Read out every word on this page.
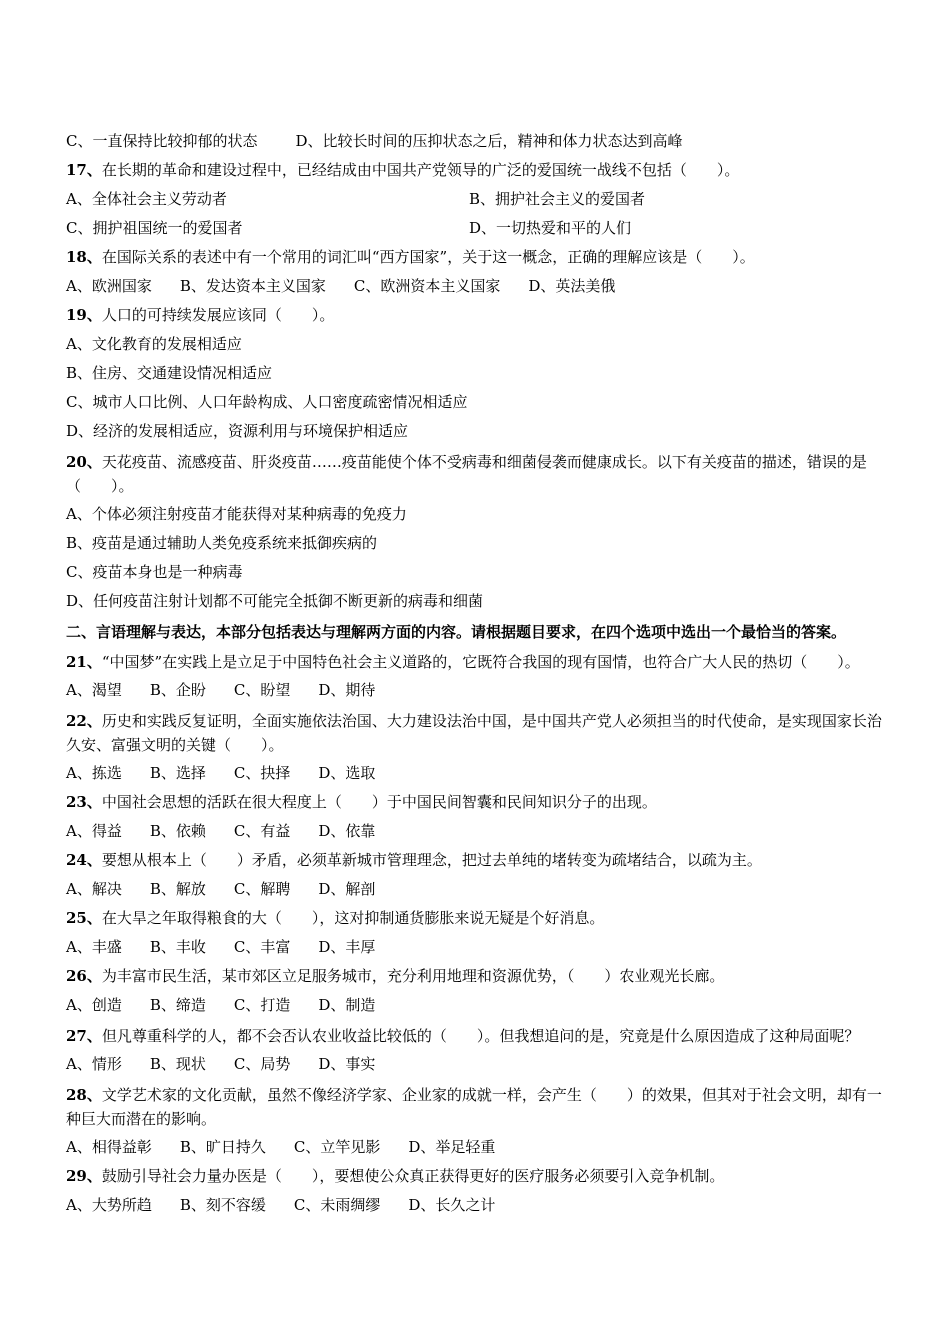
C、一直保持比较抑郁的状态	D、比较长时间的压抑状态之后，精神和体力状态达到高峰
17、在长期的革命和建设过程中，已经结成由中国共产党领导的广泛的爱国统一战线不包括（　　）。
A、全体社会主义劳动者	B、拥护社会主义的爱国者
C、拥护祖国统一的爱国者	D、一切热爱和平的人们
18、在国际关系的表述中有一个常用的词汇叫“西方国家”，关于这一概念，正确的理解应该是（　　）。
A、欧洲国家 B、发达资本主义国家 C、欧洲资本主义国家 D、英法美俄
19、人口的可持续发展应该同（　　）。
A、文化教育的发展相适应
B、住房、交通建设情况相适应
C、城市人口比例、人口年龄构成、人口密度疏密情况相适应
D、经济的发展相适应，资源利用与环境保护相适应
20、天花疫苗、流感疫苗、肝炎疫苗……疫苗能使个体不受病毒和细菌侵袭而健康成长。以下有关疫苗的描述，错误的是（　　）。
A、个体必须注射疫苗才能获得对某种病毒的免疫力
B、疫苗是通过辅助人类免疫系统来抵御疾病的
C、疫苗本身也是一种病毒
D、任何疫苗注射计划都不可能完全抵御不断更新的病毒和细菌
二、言语理解与表达，本部分包括表达与理解两方面的内容。请根据题目要求，在四个选项中选出一个最恰当的答案。
21、“中国梦”在实践上是立足于中国特色社会主义道路的，它既符合我国的现有国情，也符合广大人民的热切（　　）。
A、渴望 B、企盼 C、盼望 D、期待
22、历史和实践反复证明，全面实施依法治国、大力建设法治中国，是中国共产党人必须担当的时代使命，是实现国家长治久安、富强文明的关键（　　）。
A、拣选 B、选择 C、抉择 D、选取
23、中国社会思想的活跃在很大程度上（　　）于中国民间智囊和民间知识分子的出现。
A、得益 B、依赖 C、有益 D、依靠
24、要想从根本上（　　）矛盾，必须革新城市管理理念，把过去单纯的堵转变为疏堵结合，以疏为主。
A、解决 B、解放 C、解聘 D、解剖
25、在大旱之年取得粮食的大（　　），这对抑制通货膨胀来说无疑是个好消息。
A、丰盛 B、丰收 C、丰富 D、丰厚
26、为丰富市民生活，某市郊区立足服务城市，充分利用地理和资源优势，（　　）农业观光长廊。
A、创造 B、缔造 C、打造 D、制造
27、但凡尊重科学的人，都不会否认农业收益比较低的（　　）。但我想追问的是，究竟是什么原因造成了这种局面呢？
A、情形 B、现状 C、局势 D、事实
28、文学艺术家的文化贡献，虽然不像经济学家、企业家的成就一样，会产生（　　）的效果，但其对于社会文明，却有一种巨大而潜在的影响。
A、相得益彰 B、旷日持久 C、立竿见影 D、举足轻重
29、鼓励引导社会力量办医是（　　），要想使公众真正获得更好的医疗服务必须要引入竞争机制。
A、大势所趋 B、刻不容缓 C、未雨绸缪 D、长久之计
